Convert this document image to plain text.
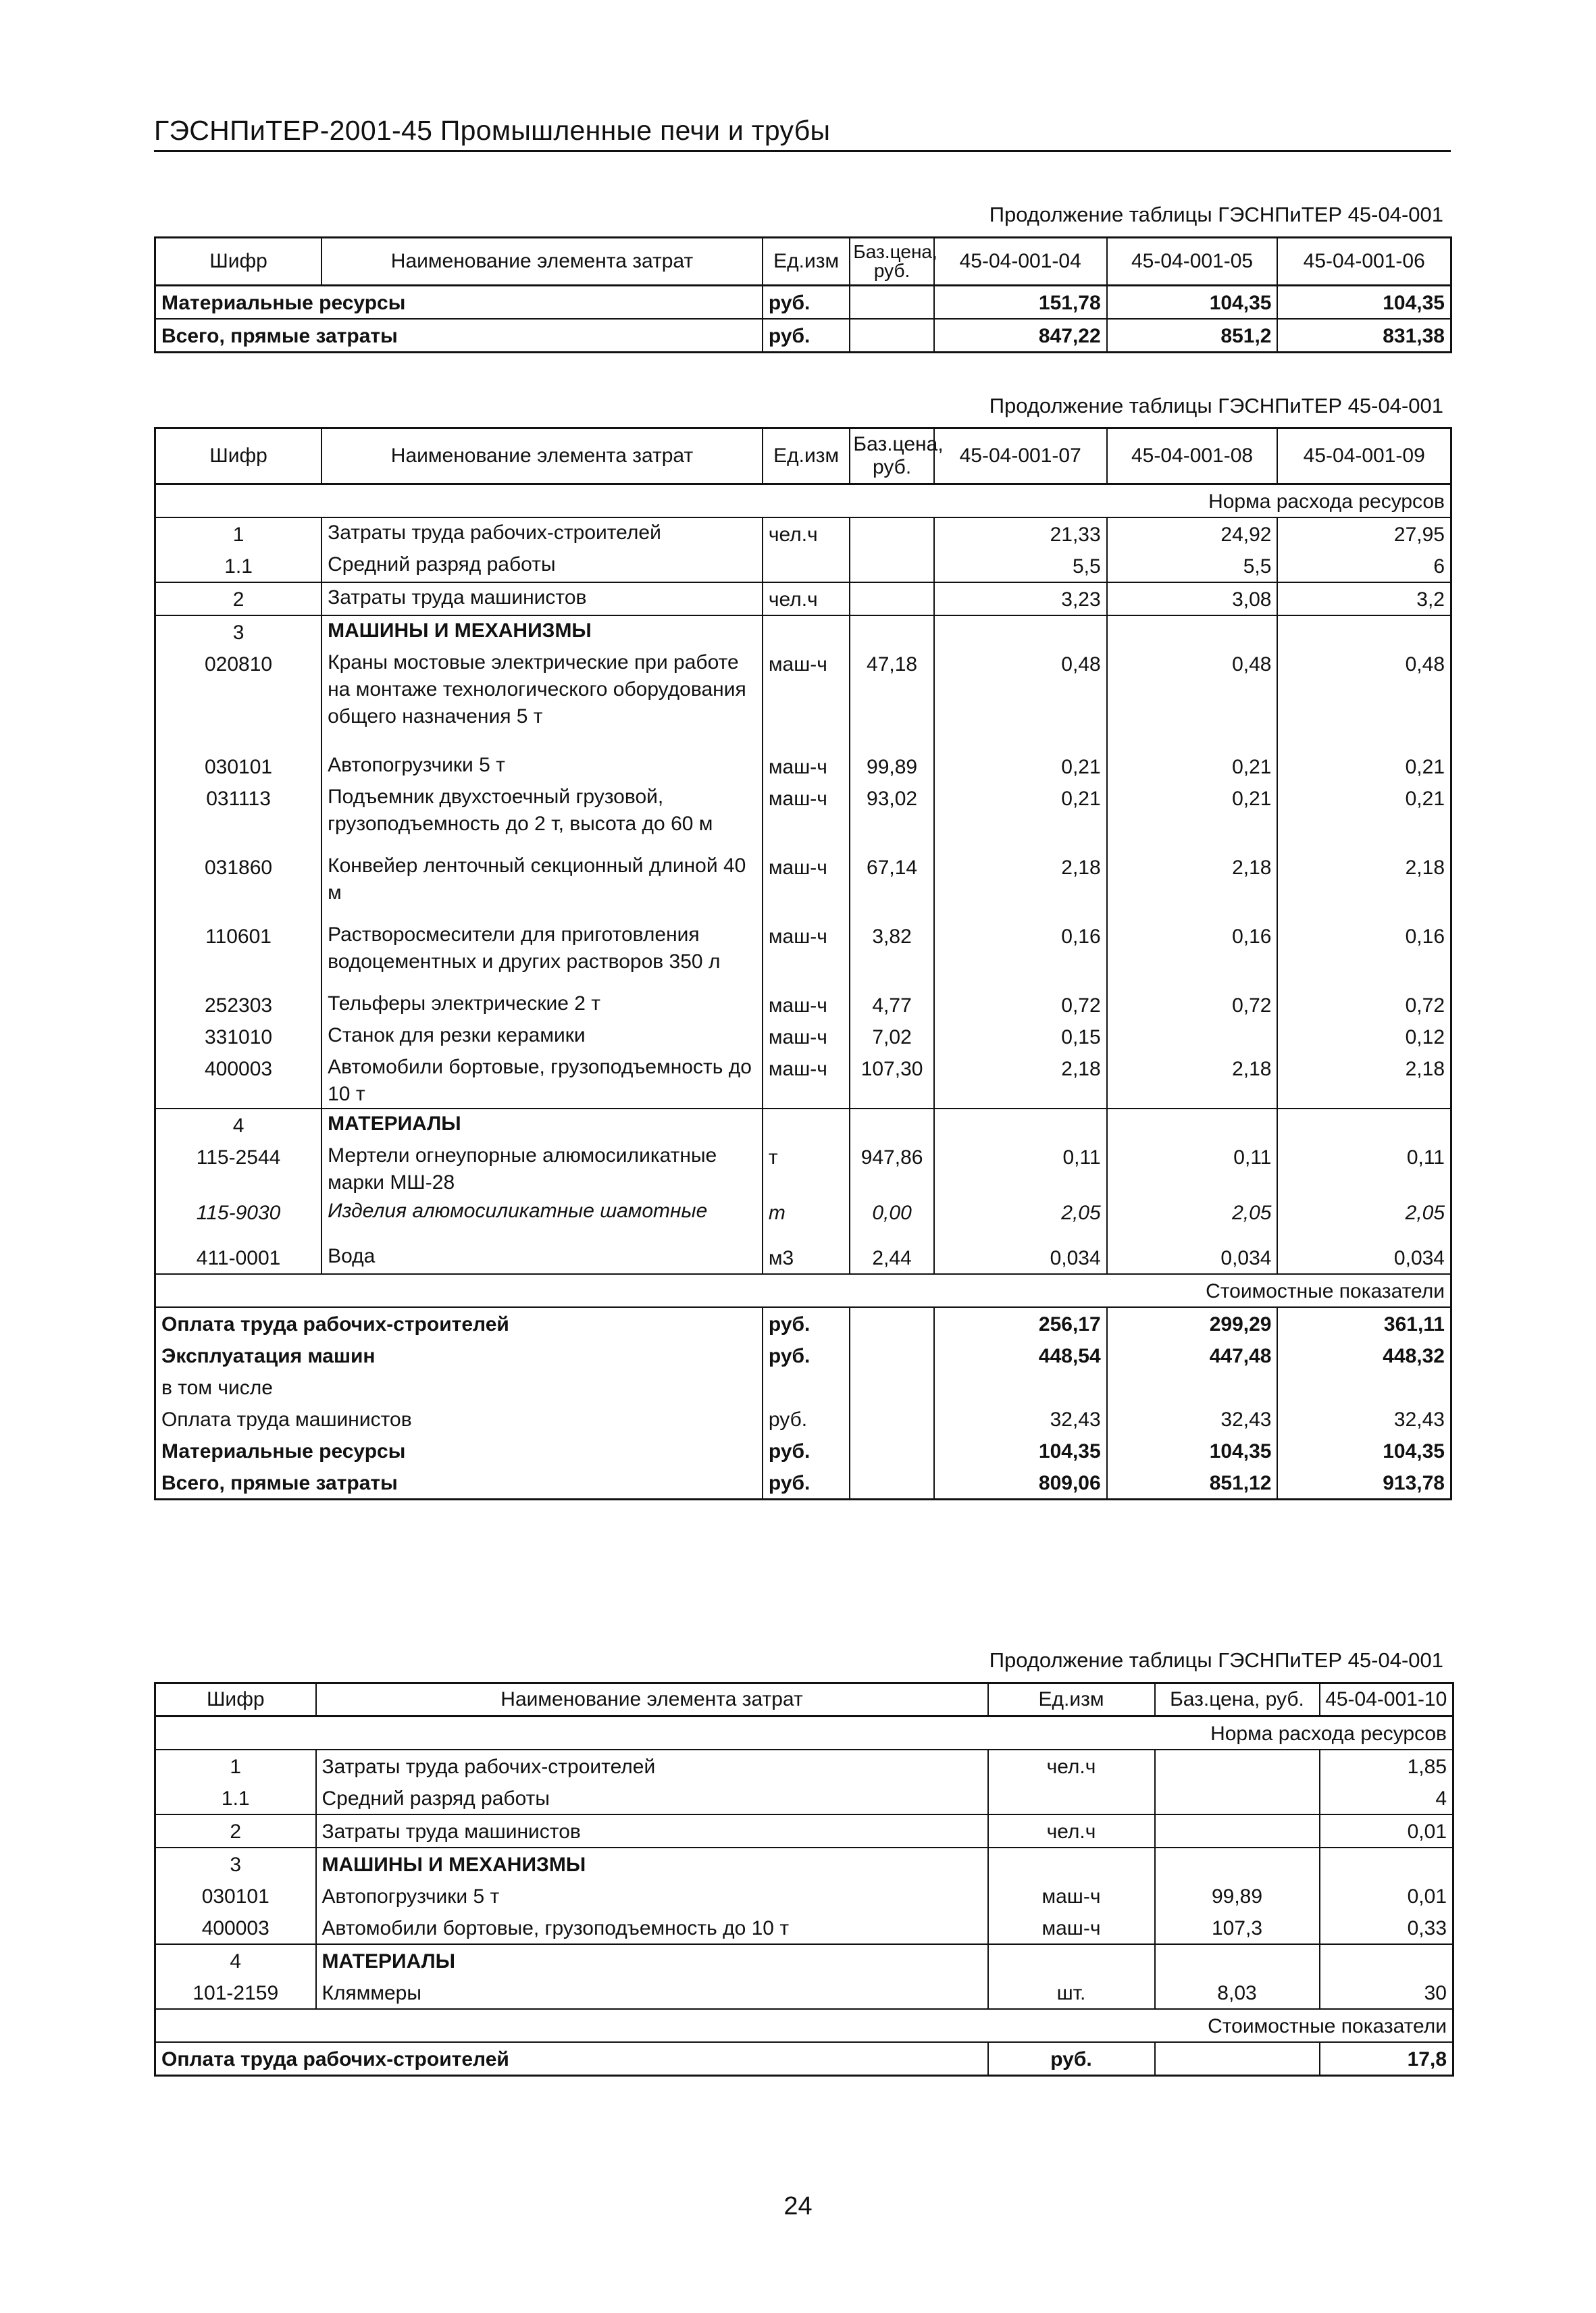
ГЭСНПиТЕР-2001-45 Промышленные печи и трубы
Продолжение таблицы ГЭСНПиТЕР 45-04-001
Шифр	Наименование элемента затрат	Ед.изм	Баз.цена, руб.	45-04-001-04	45-04-001-05	45-04-001-06
Материальные ресурсы		руб.		151,78	104,35	104,35
Всего, прямые затраты		руб.		847,22	851,2	831,38
Продолжение таблицы ГЭСНПиТЕР 45-04-001
Шифр	Наименование элемента затрат	Ед.изм	Баз.цена, руб.	45-04-001-07	45-04-001-08	45-04-001-09
				Норма расхода ресурсов		
1	Затраты труда рабочих-строителей	чел.ч		21,33	24,92	27,95
1.1	Средний разряд работы			5,5	5,5	6
2	Затраты труда машинистов	чел.ч		3,23	3,08	3,2
3	МАШИНЫ И МЕХАНИЗМЫ					
020810	Краны мостовые электрические при работе на монтаже технологического оборудования общего назначения 5 т	маш-ч	47,18	0,48	0,48	0,48
030101	Автопогрузчики 5 т	маш-ч	99,89	0,21	0,21	0,21
031113	Подъемник двухстоечный грузовой, грузоподъемность до 2 т, высота до 60 м	маш-ч	93,02	0,21	0,21	0,21
031860	Конвейер ленточный секционный длиной 40 м	маш-ч	67,14	2,18	2,18	2,18
110601	Растворосмесители для приготовления водоцементных и других растворов 350 л	маш-ч	3,82	0,16	0,16	0,16
252303	Тельферы электрические 2 т	маш-ч	4,77	0,72	0,72	0,72
331010	Станок для резки керамики	маш-ч	7,02	0,15		0,12
400003	Автомобили бортовые, грузоподъемность до 10 т	маш-ч	107,30	2,18	2,18	2,18
4	МАТЕРИАЛЫ					
115-2544	Мертели огнеупорные алюмосиликатные марки МШ-28	т	947,86	0,11	0,11	0,11
115-9030	Изделия алюмосиликатные шамотные	т	0,00	2,05	2,05	2,05
411-0001	Вода	м3	2,44	0,034	0,034	0,034
				Стоимостные показатели		
Оплата труда рабочих-строителей		руб.		256,17	299,29	361,11
Эксплуатация машин		руб.		448,54	447,48	448,32
в том числе						
Оплата труда машинистов		руб.		32,43	32,43	32,43
Материальные ресурсы		руб.		104,35	104,35	104,35
Всего, прямые затраты		руб.		809,06	851,12	913,78
Продолжение таблицы ГЭСНПиТЕР 45-04-001
Шифр	Наименование элемента затрат	Ед.изм	Баз.цена, руб.	45-04-001-10
			Норма расхода ресурсов	
1	Затраты труда рабочих-строителей	чел.ч		1,85
1.1	Средний разряд работы			4
2	Затраты труда машинистов	чел.ч		0,01
3	МАШИНЫ И МЕХАНИЗМЫ			
030101	Автопогрузчики 5 т	маш-ч	99,89	0,01
400003	Автомобили бортовые, грузоподъемность до 10 т	маш-ч	107,3	0,33
4	МАТЕРИАЛЫ			
101-2159	Кляммеры	шт.	8,03	30
			Стоимостные показатели	
Оплата труда рабочих-строителей		руб.		17,8
24
